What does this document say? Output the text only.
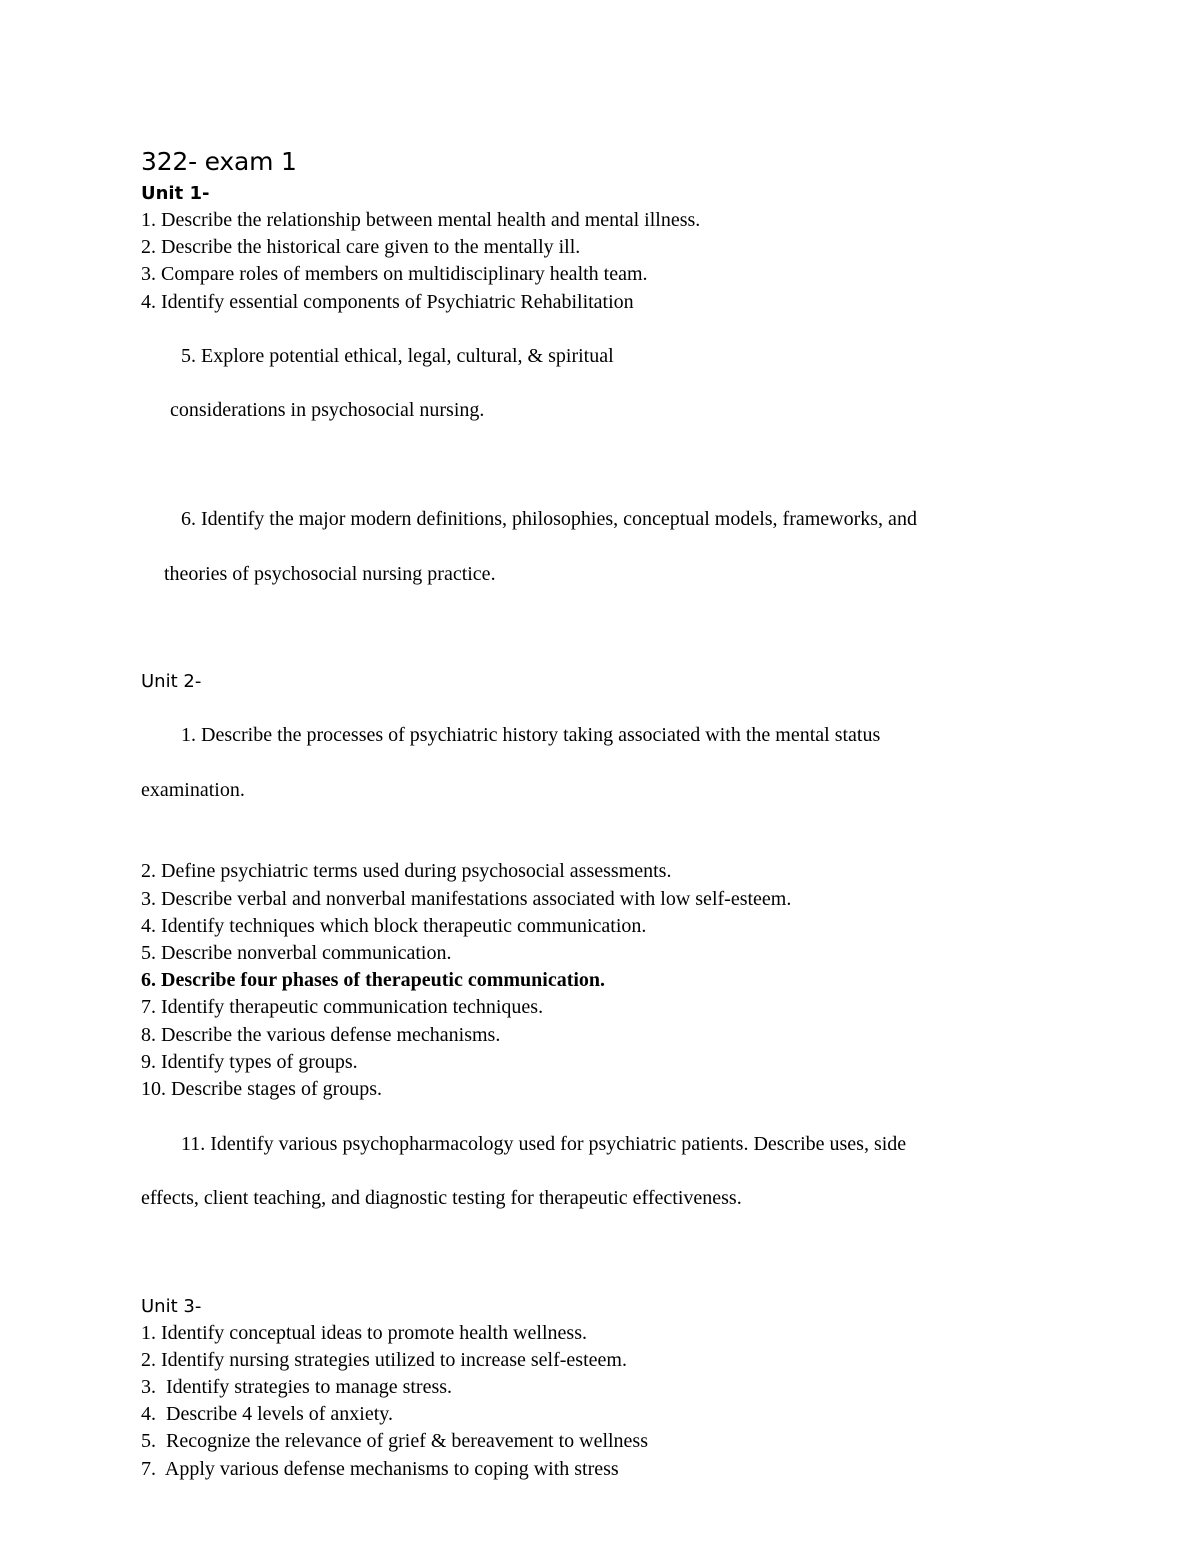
322- exam 1
Unit 1-
1. Describe the relationship between mental health and mental illness.
2. Describe the historical care given to the mentally ill.
3. Compare roles of members on multidisciplinary health team.
4. Identify essential components of Psychiatric Rehabilitation

5. Explore potential ethical, legal, cultural, & spiritual

considerations in psychosocial nursing.

6. Identify the major modern definitions, philosophies, conceptual models, frameworks, and

theories of psychosocial nursing practice.

Unit 2-

1. Describe the processes of psychiatric history taking associated with the mental status

examination.

2. Define psychiatric terms used during psychosocial assessments.
3. Describe verbal and nonverbal manifestations associated with low self-esteem.
4. Identify techniques which block therapeutic communication.
5. Describe nonverbal communication.
6. Describe four phases of therapeutic communication.
7. Identify therapeutic communication techniques.
8. Describe the various defense mechanisms.
9. Identify types of groups.
10. Describe stages of groups.

11. Identify various psychopharmacology used for psychiatric patients. Describe uses, side

effects, client teaching, and diagnostic testing for therapeutic effectiveness.

Unit 3-
1. Identify conceptual ideas to promote health wellness.
2. Identify nursing strategies utilized to increase self-esteem.
3.  Identify strategies to manage stress.
4.  Describe 4 levels of anxiety.
5.  Recognize the relevance of grief & bereavement to wellness
7.  Apply various defense mechanisms to coping with stress
